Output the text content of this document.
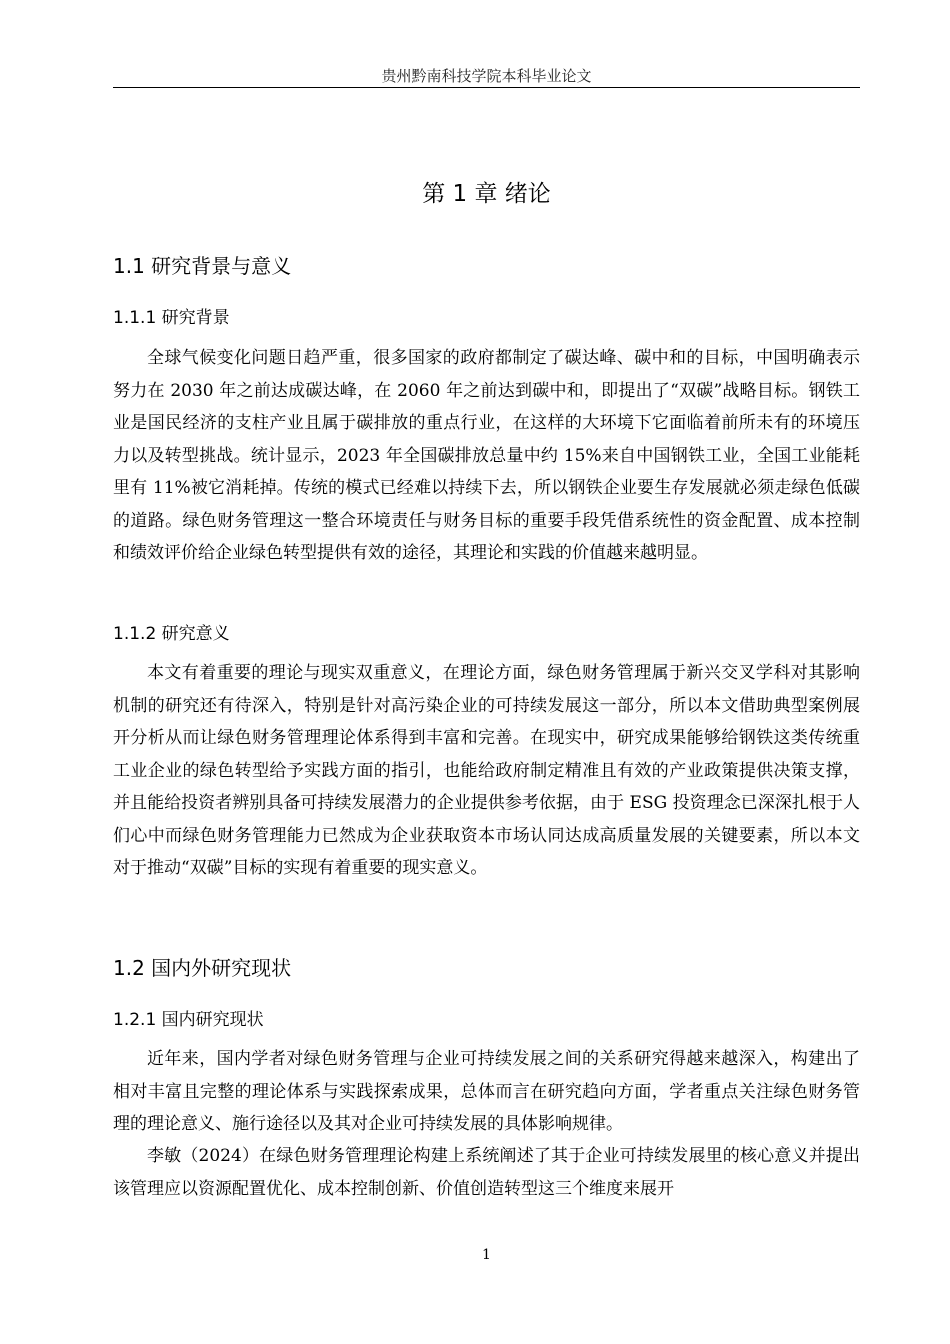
贵州黔南科技学院本科毕业论文
第 1 章 绪论
1.1 研究背景与意义
1.1.1 研究背景

全球气候变化问题日趋严重，很多国家的政府都制定了碳达峰、碳中和的目标，中国明确表示努力在 2030 年之前达成碳达峰，在 2060 年之前达到碳中和，即提出了“双碳”战略目标。钢铁工业是国民经济的支柱产业且属于碳排放的重点行业，在这样的大环境下它面临着前所未有的环境压力以及转型挑战。统计显示，2023 年全国碳排放总量中约 15%来自中国钢铁工业，全国工业能耗里有 11%被它消耗掉。传统的模式已经难以持续下去，所以钢铁企业要生存发展就必须走绿色低碳的道路。绿色财务管理这一整合环境责任与财务目标的重要手段凭借系统性的资金配置、成本控制和绩效评价给企业绿色转型提供有效的途径，其理论和实践的价值越来越明显。

1.1.2 研究意义

本文有着重要的理论与现实双重意义，在理论方面，绿色财务管理属于新兴交叉学科对其影响机制的研究还有待深入，特别是针对高污染企业的可持续发展这一部分，所以本文借助典型案例展开分析从而让绿色财务管理理论体系得到丰富和完善。在现实中，研究成果能够给钢铁这类传统重工业企业的绿色转型给予实践方面的指引，也能给政府制定精准且有效的产业政策提供决策支撑，并且能给投资者辨别具备可持续发展潜力的企业提供参考依据，由于 ESG 投资理念已深深扎根于人们心中而绿色财务管理能力已然成为企业获取资本市场认同达成高质量发展的关键要素，所以本文对于推动“双碳”目标的实现有着重要的现实意义。

1.2 国内外研究现状
1.2.1 国内研究现状

近年来，国内学者对绿色财务管理与企业可持续发展之间的关系研究得越来越深入，构建出了相对丰富且完整的理论体系与实践探索成果，总体而言在研究趋向方面，学者重点关注绿色财务管理的理论意义、施行途径以及其对企业可持续发展的具体影响规律。

李敏（2024）在绿色财务管理理论构建上系统阐述了其于企业可持续发展里的核心意义并提出该管理应以资源配置优化、成本控制创新、价值创造转型这三个维度来展开

1
